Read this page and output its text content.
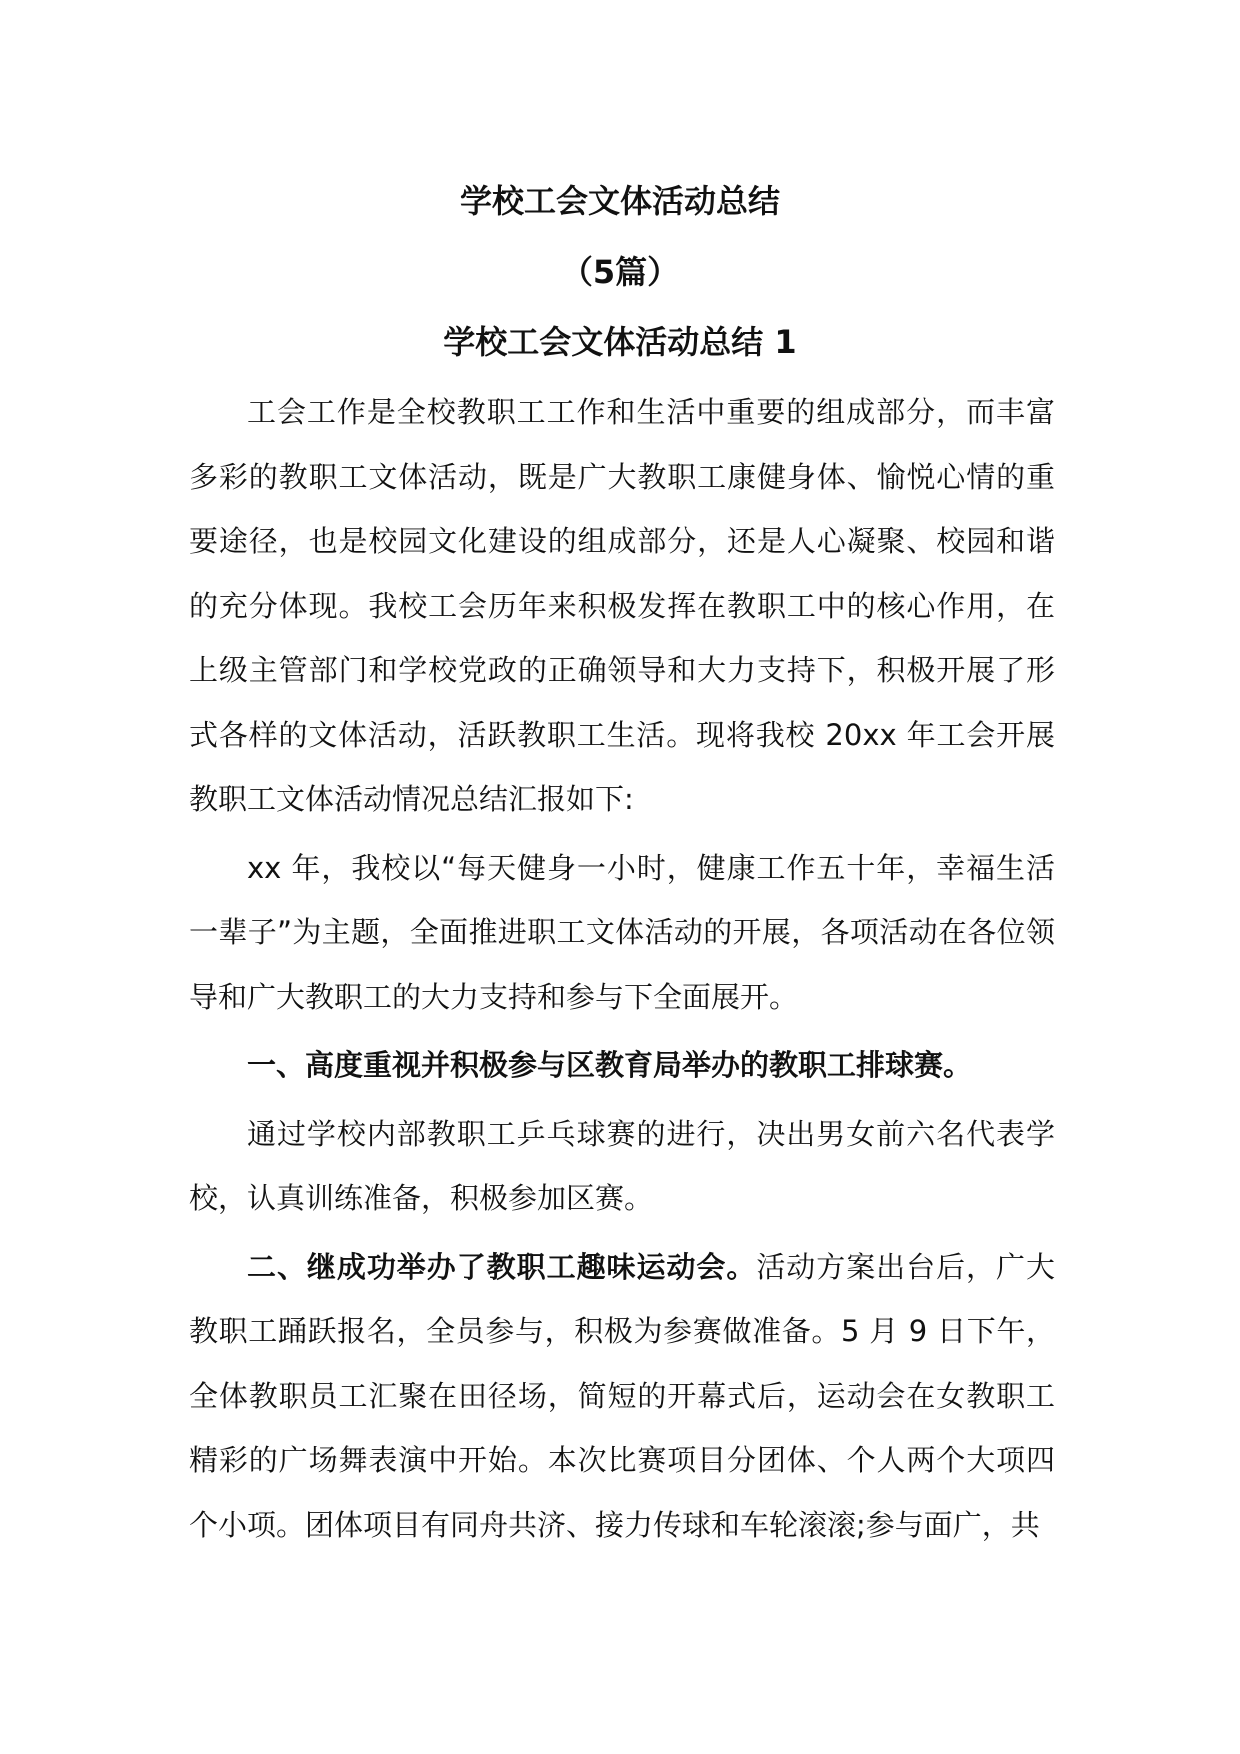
学校工会文体活动总结
（5篇）
学校工会文体活动总结 1

工会工作是全校教职工工作和生活中重要的组成部分，而丰富多彩的教职工文体活动，既是广大教职工康健身体、愉悦心情的重要途径，也是校园文化建设的组成部分，还是人心凝聚、校园和谐的充分体现。我校工会历年来积极发挥在教职工中的核心作用，在上级主管部门和学校党政的正确领导和大力支持下，积极开展了形式各样的文体活动，活跃教职工生活。现将我校 20xx 年工会开展教职工文体活动情况总结汇报如下:

xx 年，我校以“每天健身一小时，健康工作五十年，幸福生活一辈子”为主题，全面推进职工文体活动的开展，各项活动在各位领导和广大教职工的大力支持和参与下全面展开。

一、高度重视并积极参与区教育局举办的教职工排球赛。

通过学校内部教职工乒乓球赛的进行，决出男女前六名代表学校，认真训练准备，积极参加区赛。

二、继成功举办了教职工趣味运动会。活动方案出台后，广大教职工踊跃报名，全员参与，积极为参赛做准备。5 月 9 日下午，全体教职员工汇聚在田径场，简短的开幕式后，运动会在女教职工精彩的广场舞表演中开始。本次比赛项目分团体、个人两个大项四个小项。团体项目有同舟共济、接力传球和车轮滚滚;参与面广，共
